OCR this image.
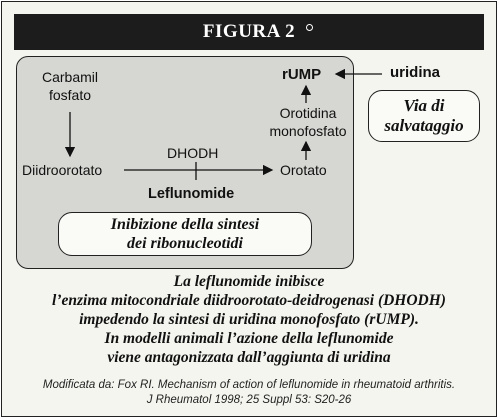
FIGURA 2
Carbamil
fosfato
Diidroorotato
DHODH
Leflunomide
Orotato
Orotidina
monofosfato
rUMP	uridina
Via di
salvataggio
Inibizione della sintesi
dei ribonucleotidi
La leflunomide inibisce
l’enzima mitocondriale diidroorotato-deidrogenasi (DHODH)
impedendo la sintesi di uridina monofosfato (rUMP).
In modelli animali l’azione della leflunomide
viene antagonizzata dall’aggiunta di uridina
Modificata da: Fox RI. Mechanism of action of leflunomide in rheumatoid arthritis.
J Rheumatol 1998; 25 Suppl 53: S20-26
